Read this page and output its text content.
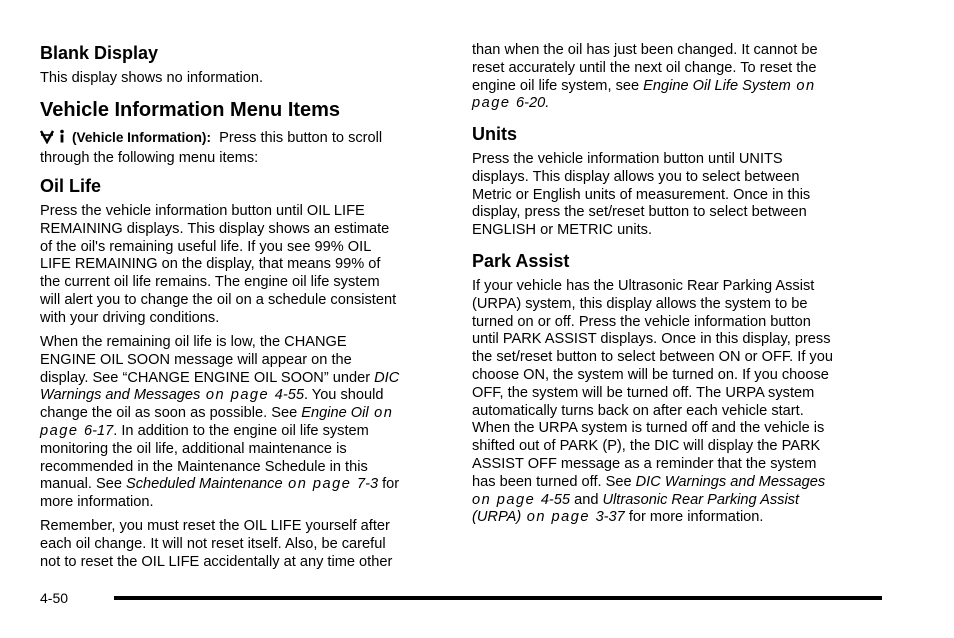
Blank Display

This display shows no information.

Vehicle Information Menu Items

(Vehicle Information): Press this button to scroll
through the following menu items:

Oil Life

Press the vehicle information button until OIL LIFE
REMAINING displays. This display shows an estimate
of the oil's remaining useful life. If you see 99% OIL
LIFE REMAINING on the display, that means 99% of
the current oil life remains. The engine oil life system
will alert you to change the oil on a schedule consistent
with your driving conditions.

When the remaining oil life is low, the CHANGE
ENGINE OIL SOON message will appear on the
display. See “CHANGE ENGINE OIL SOON” under DIC
Warnings and Messages on page 4-55. You should
change the oil as soon as possible. See Engine Oil on
page 6-17. In addition to the engine oil life system
monitoring the oil life, additional maintenance is
recommended in the Maintenance Schedule in this
manual. See Scheduled Maintenance on page 7-3 for
more information.

Remember, you must reset the OIL LIFE yourself after
each oil change. It will not reset itself. Also, be careful
not to reset the OIL LIFE accidentally at any time other

than when the oil has just been changed. It cannot be
reset accurately until the next oil change. To reset the
engine oil life system, see Engine Oil Life System on
page 6-20.

Units

Press the vehicle information button until UNITS
displays. This display allows you to select between
Metric or English units of measurement. Once in this
display, press the set/reset button to select between
ENGLISH or METRIC units.

Park Assist

If your vehicle has the Ultrasonic Rear Parking Assist
(URPA) system, this display allows the system to be
turned on or off. Press the vehicle information button
until PARK ASSIST displays. Once in this display, press
the set/reset button to select between ON or OFF. If you
choose ON, the system will be turned on. If you choose
OFF, the system will be turned off. The URPA system
automatically turns back on after each vehicle start.
When the URPA system is turned off and the vehicle is
shifted out of PARK (P), the DIC will display the PARK
ASSIST OFF message as a reminder that the system
has been turned off. See DIC Warnings and Messages
on page 4-55 and Ultrasonic Rear Parking Assist
(URPA) on page 3-37 for more information.

4-50
